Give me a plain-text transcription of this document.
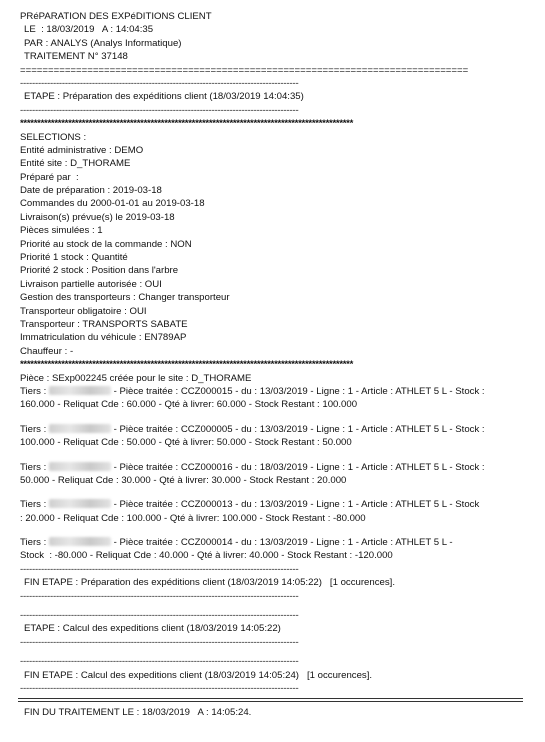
PRéPARATION DES EXPéDITIONS CLIENT
LE  : 18/03/2019   A : 14:04:35
PAR : ANALYS (Analys Informatique)
TRAITEMENT N° 37148
================================================================================
---------------------------------------------------------------------------------------------
ETAPE : Préparation des expéditions client (18/03/2019 14:04:35)
---------------------------------------------------------------------------------------------
*************************************************************************************************
SELECTIONS :
Entité administrative : DEMO
Entité site : D_THORAME
Préparé par  :
Date de préparation : 2019-03-18
Commandes du 2000-01-01 au 2019-03-18
Livraison(s) prévue(s) le 2019-03-18
Pièces simulées : 1
Priorité au stock de la commande : NON
Priorité 1 stock : Quantité
Priorité 2 stock : Position dans l'arbre
Livraison partielle autorisée : OUI
Gestion des transporteurs : Changer transporteur
Transporteur obligatoire : OUI
Transporteur : TRANSPORTS SABATE
Immatriculation du véhicule : EN789AP
Chauffeur : -
*************************************************************************************************
Pièce : SExp002245 créée pour le site : D_THORAME
Tiers :	- Pièce traitée : CCZ000015 - du : 13/03/2019 - Ligne : 1 - Article : ATHLET 5 L - Stock :
160.000 - Reliquat Cde : 60.000 - Qté à livrer: 60.000 - Stock Restant : 100.000
Tiers :	- Pièce traitée : CCZ000005 - du : 13/03/2019 - Ligne : 1 - Article : ATHLET 5 L - Stock :
100.000 - Reliquat Cde : 50.000 - Qté à livrer: 50.000 - Stock Restant : 50.000
Tiers :	- Pièce traitée : CCZ000016 - du : 18/03/2019 - Ligne : 1 - Article : ATHLET 5 L - Stock :
50.000 - Reliquat Cde : 30.000 - Qté à livrer: 30.000 - Stock Restant : 20.000
Tiers :	- Pièce traitée : CCZ000013 - du : 13/03/2019 - Ligne : 1 - Article : ATHLET 5 L - Stock
: 20.000 - Reliquat Cde : 100.000 - Qté à livrer: 100.000 - Stock Restant : -80.000
Tiers :	- Pièce traitée : CCZ000014 - du : 13/03/2019 - Ligne : 1 - Article : ATHLET 5 L -
Stock  : -80.000 - Reliquat Cde : 40.000 - Qté à livrer: 40.000 - Stock Restant : -120.000
---------------------------------------------------------------------------------------------
FIN ETAPE : Préparation des expéditions client (18/03/2019 14:05:22)   [1 occurences].
---------------------------------------------------------------------------------------------
---------------------------------------------------------------------------------------------
ETAPE : Calcul des expeditions client (18/03/2019 14:05:22)
---------------------------------------------------------------------------------------------
---------------------------------------------------------------------------------------------
FIN ETAPE : Calcul des expeditions client (18/03/2019 14:05:24)   [1 occurences].
---------------------------------------------------------------------------------------------
FIN DU TRAITEMENT LE : 18/03/2019   A : 14:05:24.
